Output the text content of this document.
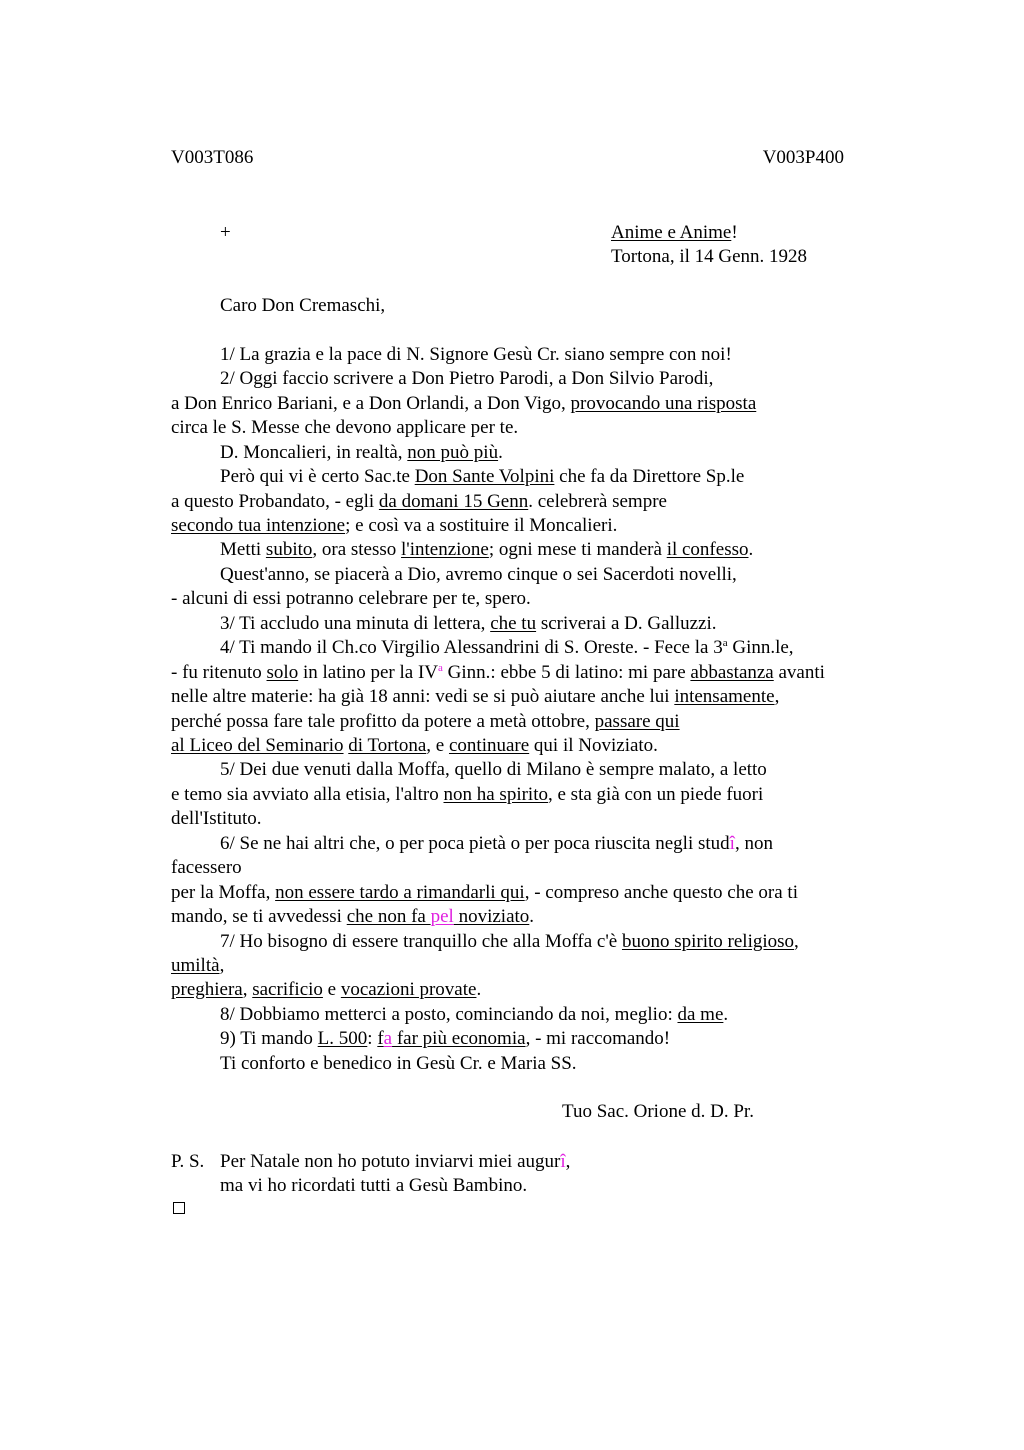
V003T086	V003P400
+	Anime e Anime!
Tortona, il 14 Genn. 1928
Caro Don Cremaschi,
1/ La grazia e la pace di N. Signore Gesù Cr. siano sempre con noi!
2/ Oggi faccio scrivere a Don Pietro Parodi, a Don Silvio Parodi,
a Don Enrico Bariani, e a Don Orlandi, a Don Vigo, provocando una risposta
circa le S. Messe che devono applicare per te.
D. Moncalieri, in realtà, non può più.
Però qui vi è certo Sac.te Don Sante Volpini che fa da Direttore Sp.le
a questo Probandato, - egli da domani 15 Genn. celebrerà sempre
secondo tua intenzione; e così va a sostituire il Moncalieri.
Metti subito, ora stesso l'intenzione; ogni mese ti manderà il confesso.
Quest'anno, se piacerà a Dio, avremo cinque o sei Sacerdoti novelli,
- alcuni di essi potranno celebrare per te, spero.
3/ Ti accludo una minuta di lettera, che tu scriverai a D. Galluzzi.
4/ Ti mando il Ch.co Virgilio Alessandrini di S. Oreste. - Fece la 3$^a$ Ginn.le,
- fu ritenuto solo in latino per la $IV^a$ Ginn.: ebbe 5 di latino: mi pare abbastanza avanti
nelle altre materie: ha già 18 anni: vedi se si può aiutare anche lui intensamente,
perché possa fare tale profitto da potere a metà ottobre, passare qui
al Liceo del Seminario di Tortona, e continuare qui il Noviziato.
5/ Dei due venuti dalla Moffa, quello di Milano è sempre malato, a letto
e temo sia avviato alla etisia, l'altro non ha spirito, e sta già con un piede fuori
dell'Istituto.
6/ Se ne hai altri che, o per poca pietà o per poca riuscita negli studî, non
facessero
per la Moffa, non essere tardo a rimandarli qui, - compreso anche questo che ora ti
mando, se ti avvedessi che non fa pel noviziato.
7/ Ho bisogno di essere tranquillo che alla Moffa c'è buono spirito religioso,
umiltà,
preghiera, sacrificio e vocazioni provate.
8/ Dobbiamo metterci a posto, cominciando da noi, meglio: da me.
9) Ti mando L. 500: fa far più economia, - mi raccomando!
Ti conforto e benedico in Gesù Cr. e Maria SS.
Tuo Sac. Orione d. D. Pr.
P. S. Per Natale non ho potuto inviarvi miei augurî,
ma vi ho ricordati tutti a Gesù Bambino.
